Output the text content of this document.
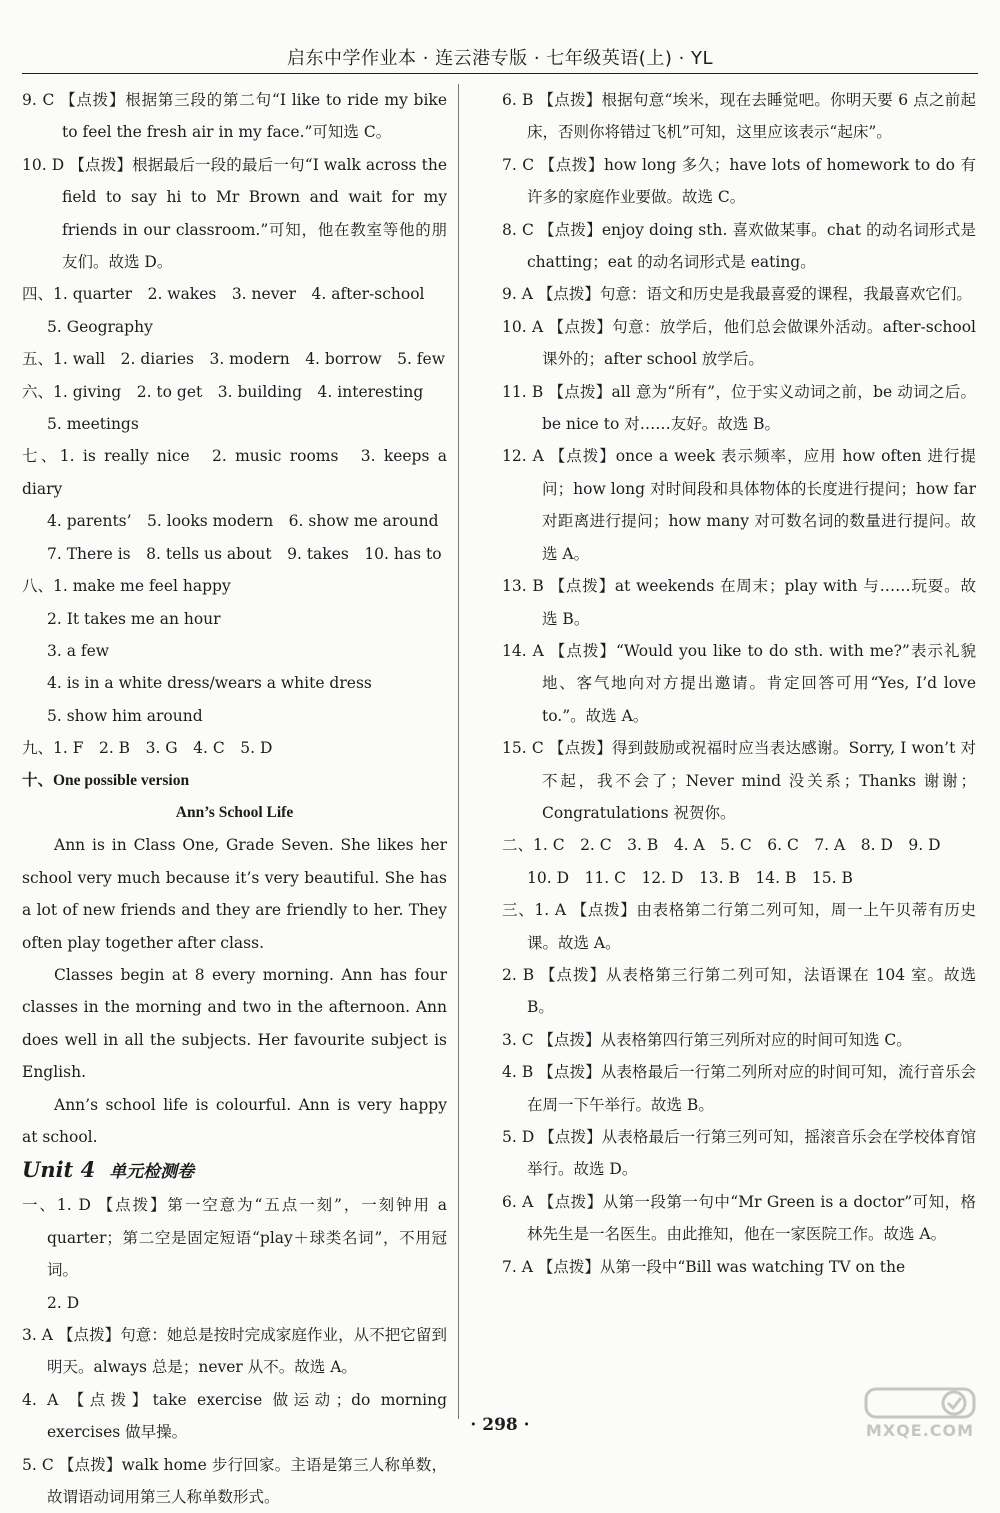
启东中学作业本 · 连云港专版 · 七年级英语(上) · YL

9. C 【点拨】根据第三段的第二句“I like to ride my bike to feel the fresh air in my face.”可知选 C。

10. D 【点拨】根据最后一段的最后一句“I walk across the field to say hi to Mr Brown and wait for my friends in our classroom.”可知，他在教室等他的朋友们。故选 D。

四、1. quarter　2. wakes　3. never　4. after-school

5. Geography

五、1. wall　2. diaries　3. modern　4. borrow　5. few

六、1. giving　2. to get　3. building　4. interesting

5. meetings

七、1. is really nice　2. music rooms　3. keeps a diary

4. parents’　5. looks modern　6. show me around

7. There is　8. tells us about　9. takes　10. has to

八、1. make me feel happy

2. It takes me an hour

3. a few

4. is in a white dress/wears a white dress

5. show him around

九、1. F　2. B　3. G　4. C　5. D

十、One possible version

Ann’s School Life

Ann is in Class One, Grade Seven. She likes her school very much because it’s very beautiful. She has a lot of new friends and they are friendly to her. They often play together after class.

Classes begin at 8 every morning. Ann has four classes in the morning and two in the afternoon. Ann does well in all the subjects. Her favourite subject is English.

Ann’s school life is colourful. Ann is very happy at school.

Unit 4 单元检测卷

一、1. D 【点拨】第一空意为“五点一刻”，一刻钟用 a quarter；第二空是固定短语“play＋球类名词”，不用冠词。

2. D

3. A 【点拨】句意：她总是按时完成家庭作业，从不把它留到明天。always 总是；never 从不。故选 A。

4. A 【点拨】take exercise 做运动；do morning exercises 做早操。

5. C 【点拨】walk home 步行回家。主语是第三人称单数，故谓语动词用第三人称单数形式。

6. B 【点拨】根据句意“埃米，现在去睡觉吧。你明天要 6 点之前起床，否则你将错过飞机”可知，这里应该表示“起床”。

7. C 【点拨】how long 多久；have lots of homework to do 有许多的家庭作业要做。故选 C。

8. C 【点拨】enjoy doing sth. 喜欢做某事。chat 的动名词形式是 chatting；eat 的动名词形式是 eating。

9. A 【点拨】句意：语文和历史是我最喜爱的课程，我最喜欢它们。

10. A 【点拨】句意：放学后，他们总会做课外活动。after-school 课外的；after school 放学后。

11. B 【点拨】all 意为“所有”，位于实义动词之前，be 动词之后。be nice to 对……友好。故选 B。

12. A 【点拨】once a week 表示频率，应用 how often 进行提问；how long 对时间段和具体物体的长度进行提问；how far 对距离进行提问；how many 对可数名词的数量进行提问。故选 A。

13. B 【点拨】at weekends 在周末；play with 与……玩耍。故选 B。

14. A 【点拨】“Would you like to do sth. with me?”表示礼貌地、客气地向对方提出邀请。肯定回答可用“Yes, I’d love to.”。故选 A。

15. C 【点拨】得到鼓励或祝福时应当表达感谢。Sorry, I won’t 对不起，我不会了；Never mind 没关系；Thanks 谢谢；Congratulations 祝贺你。

二、1. C　2. C　3. B　4. A　5. C　6. C　7. A　8. D　9. D

10. D　11. C　12. D　13. B　14. B　15. B

三、1. A 【点拨】由表格第二行第二列可知，周一上午贝蒂有历史课。故选 A。

2. B 【点拨】从表格第三行第二列可知，法语课在 104 室。故选 B。

3. C 【点拨】从表格第四行第三列所对应的时间可知选 C。

4. B 【点拨】从表格最后一行第二列所对应的时间可知，流行音乐会在周一下午举行。故选 B。

5. D 【点拨】从表格最后一行第三列可知，摇滚音乐会在学校体育馆举行。故选 D。

6. A 【点拨】从第一段第一句中“Mr Green is a doctor”可知，格林先生是一名医生。由此推知，他在一家医院工作。故选 A。

7. A 【点拨】从第一段中“Bill was watching TV on the

· 298 ·	MXQE.COM
